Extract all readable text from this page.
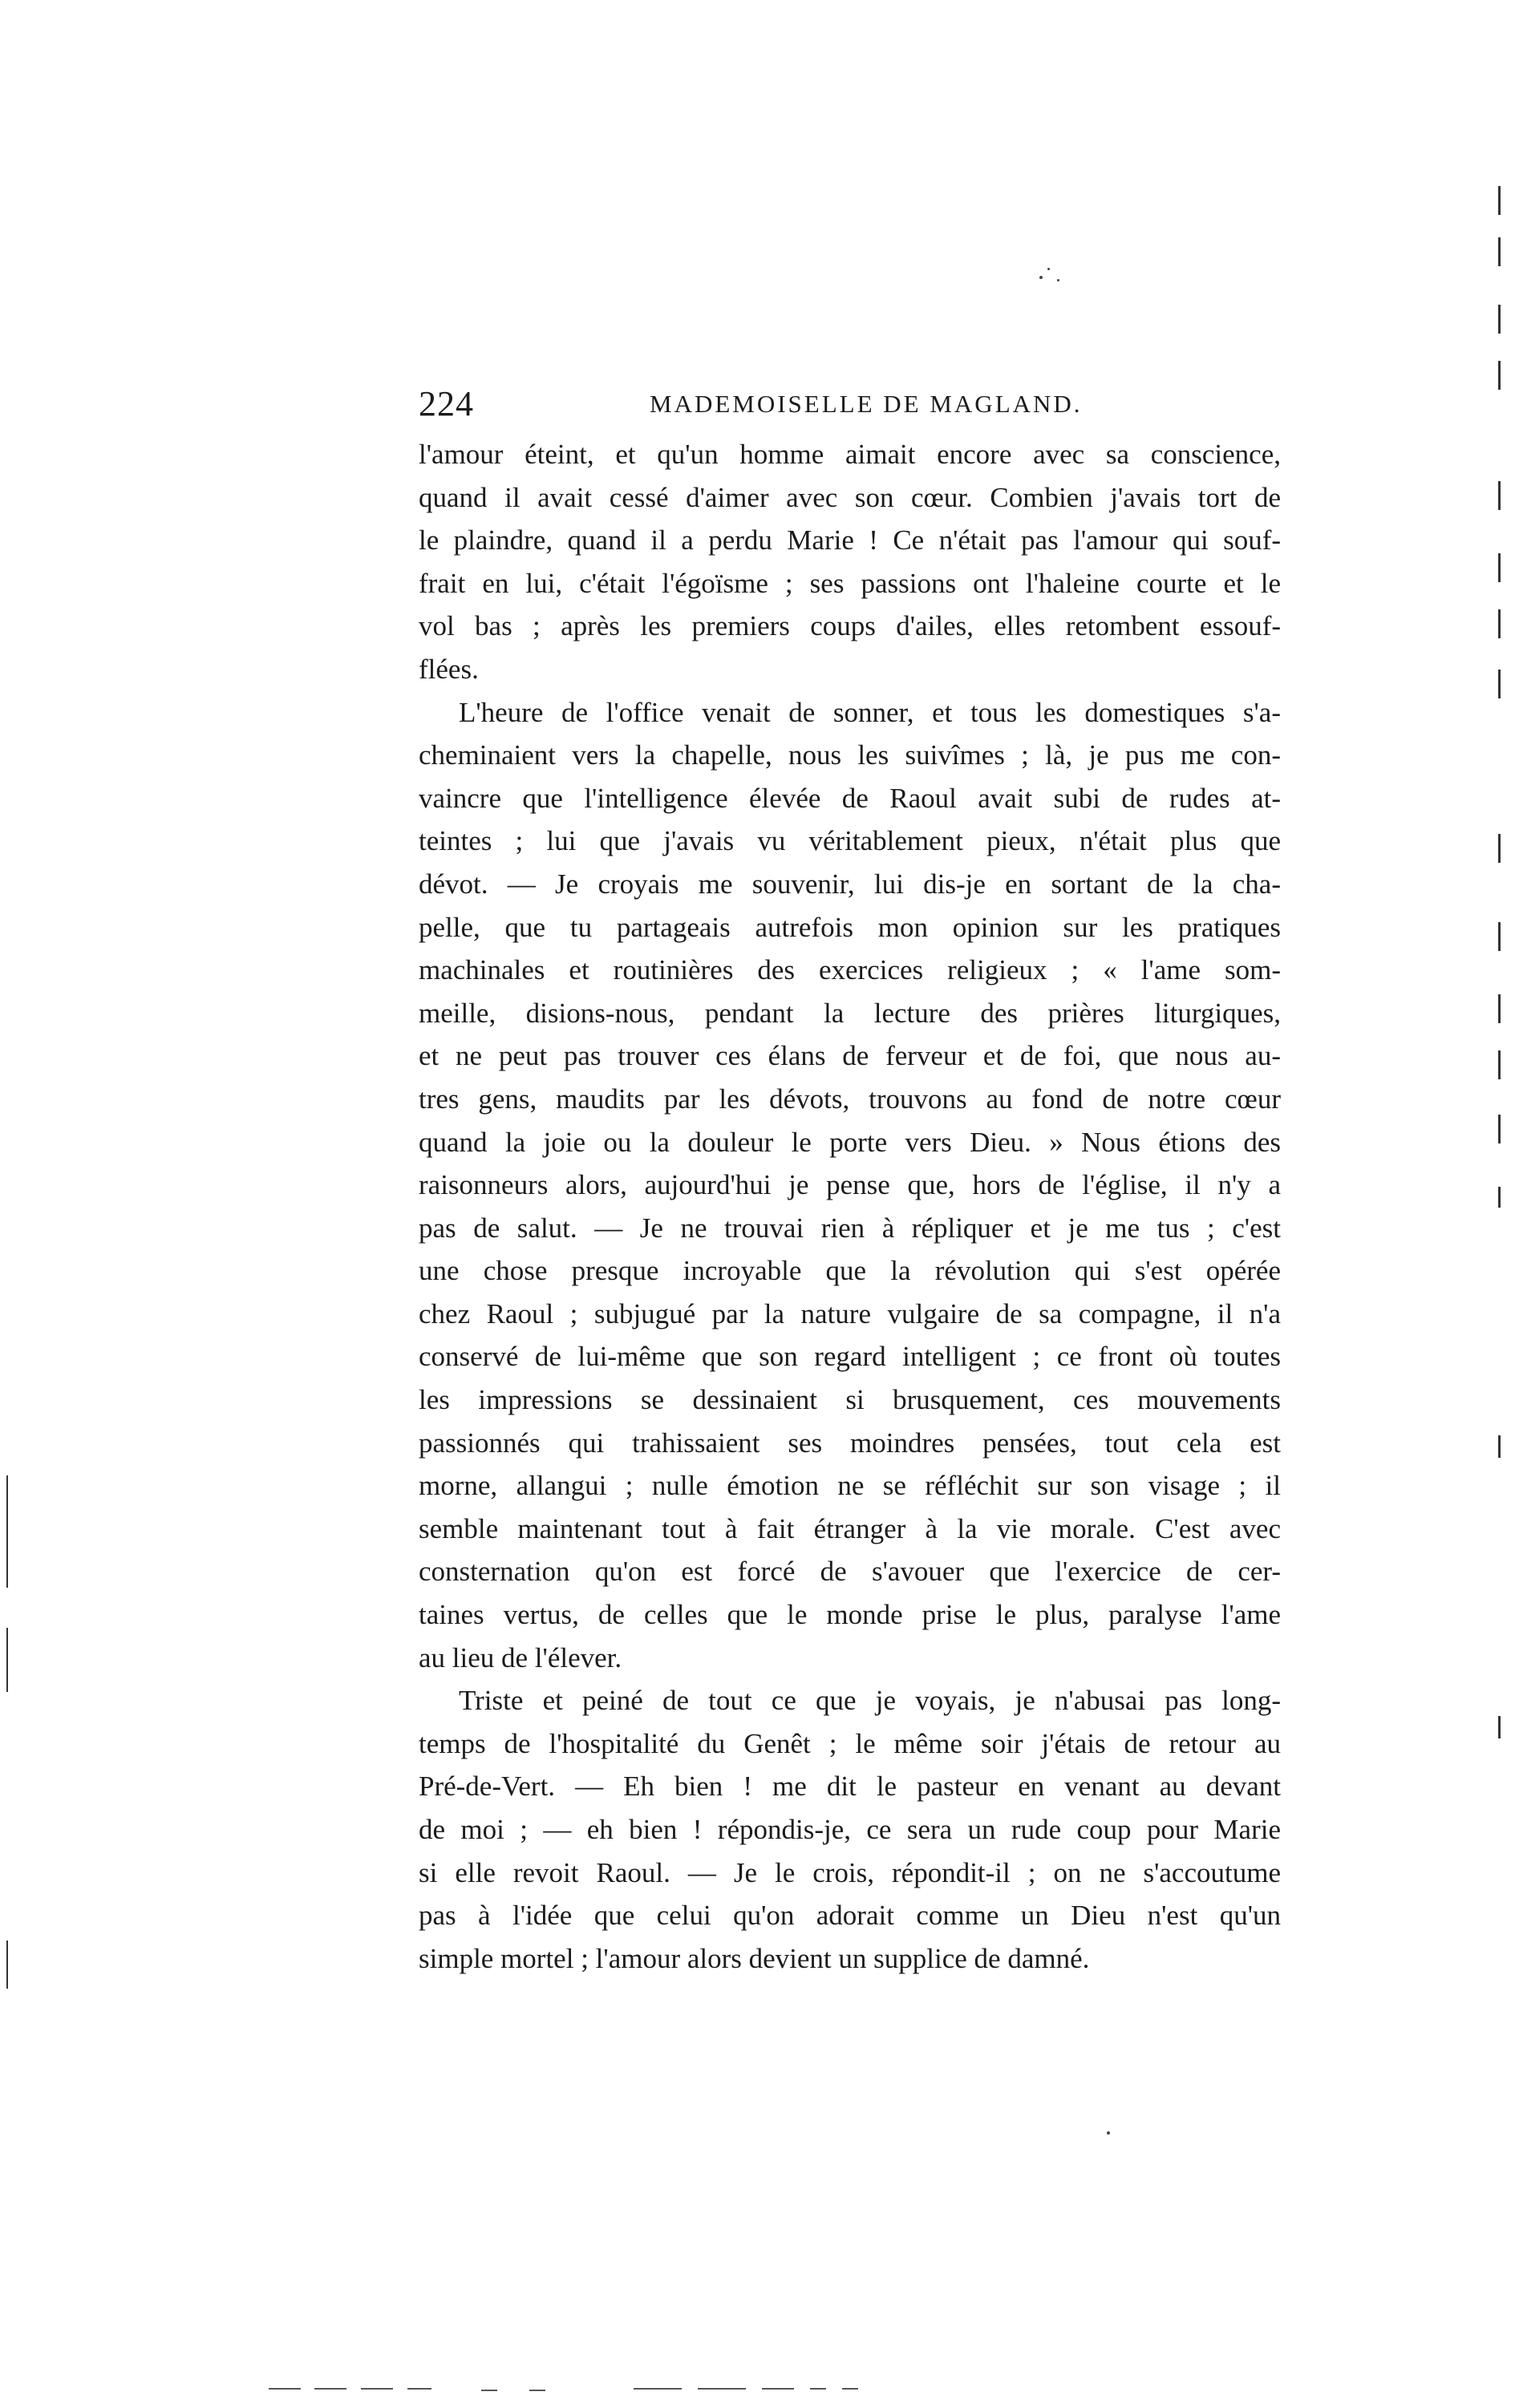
224	MADEMOISELLE DE MAGLAND.

l'amour éteint, et qu'un homme aimait encore avec sa conscience,
quand il avait cessé d'aimer avec son cœur. Combien j'avais tort de
le plaindre, quand il a perdu Marie ! Ce n'était pas l'amour qui souf-
frait en lui, c'était l'égoïsme ; ses passions ont l'haleine courte et le
vol bas ; après les premiers coups d'ailes, elles retombent essouf-
flées.

L'heure de l'office venait de sonner, et tous les domestiques s'a-
cheminaient vers la chapelle, nous les suivîmes ; là, je pus me con-
vaincre que l'intelligence élevée de Raoul avait subi de rudes at-
teintes ; lui que j'avais vu véritablement pieux, n'était plus que
dévot. — Je croyais me souvenir, lui dis-je en sortant de la cha-
pelle, que tu partageais autrefois mon opinion sur les pratiques
machinales et routinières des exercices religieux ; « l'ame som-
meille, disions-nous, pendant la lecture des prières liturgiques,
et ne peut pas trouver ces élans de ferveur et de foi, que nous au-
tres gens, maudits par les dévots, trouvons au fond de notre cœur
quand la joie ou la douleur le porte vers Dieu. » Nous étions des
raisonneurs alors, aujourd'hui je pense que, hors de l'église, il n'y a
pas de salut. — Je ne trouvai rien à répliquer et je me tus ; c'est
une chose presque incroyable que la révolution qui s'est opérée
chez Raoul ; subjugué par la nature vulgaire de sa compagne, il n'a
conservé de lui-même que son regard intelligent ; ce front où toutes
les impressions se dessinaient si brusquement, ces mouvements
passionnés qui trahissaient ses moindres pensées, tout cela est
morne, allangui ; nulle émotion ne se réfléchit sur son visage ; il
semble maintenant tout à fait étranger à la vie morale. C'est avec
consternation qu'on est forcé de s'avouer que l'exercice de cer-
taines vertus, de celles que le monde prise le plus, paralyse l'ame
au lieu de l'élever.

Triste et peiné de tout ce que je voyais, je n'abusai pas long-
temps de l'hospitalité du Genêt ; le même soir j'étais de retour au
Pré-de-Vert. — Eh bien ! me dit le pasteur en venant au devant
de moi ; — eh bien ! répondis-je, ce sera un rude coup pour Marie
si elle revoit Raoul. — Je le crois, répondit-il ; on ne s'accoutume
pas à l'idée que celui qu'on adorait comme un Dieu n'est qu'un
simple mortel ; l'amour alors devient un supplice de damné.
